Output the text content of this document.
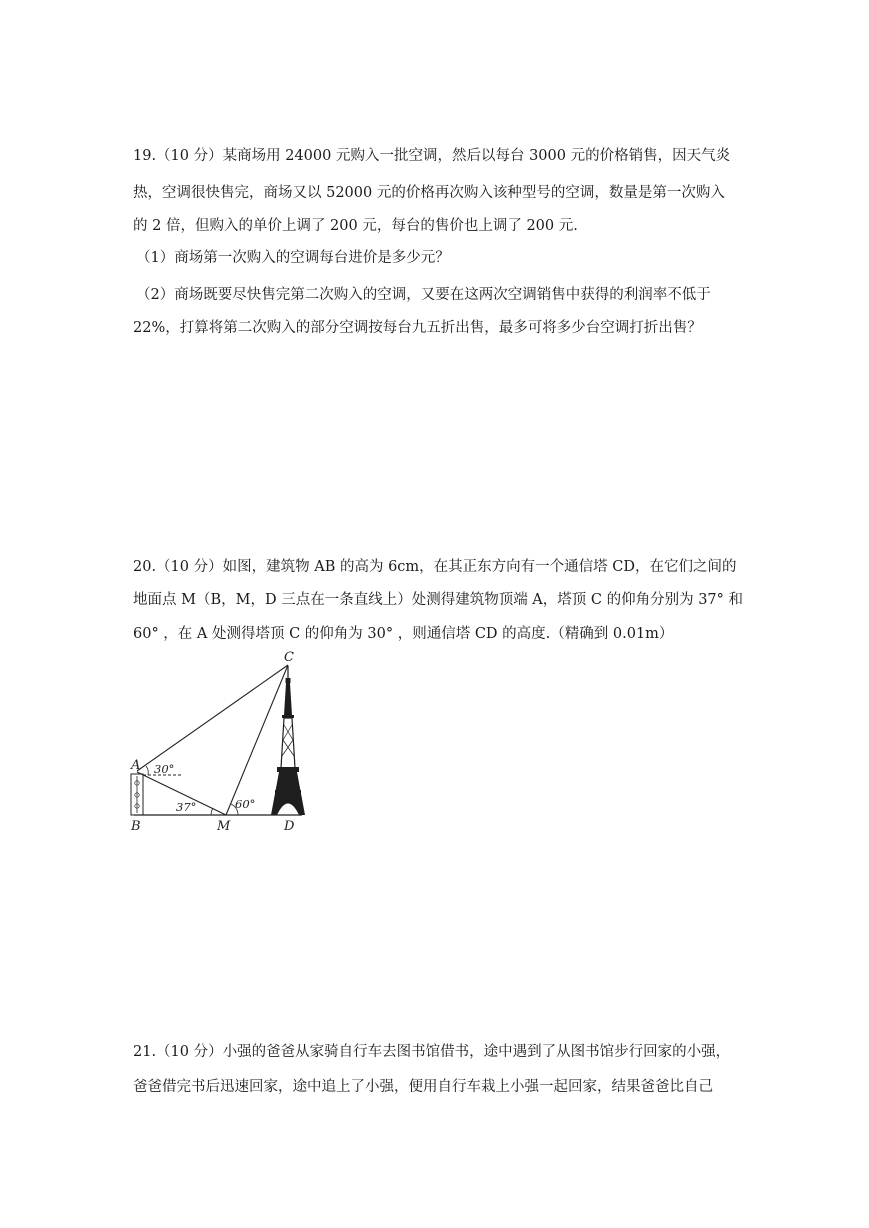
19.（10 分）某商场用 24000 元购入一批空调，然后以每台 3000 元的价格销售，因天气炎
热，空调很快售完，商场又以 52000 元的价格再次购入该种型号的空调，数量是第一次购入
的 2 倍，但购入的单价上调了 200 元，每台的售价也上调了 200 元.
（1）商场第一次购入的空调每台进价是多少元？
（2）商场既要尽快售完第二次购入的空调，又要在这两次空调销售中获得的利润率不低于
22%，打算将第二次购入的部分空调按每台九五折出售，最多可将多少台空调打折出售？
20.（10 分）如图，建筑物 AB 的高为 6cm，在其正东方向有一个通信塔 CD，在它们之间的
地面点 M（B，M，D 三点在一条直线上）处测得建筑物顶端 A，塔顶 C 的仰角分别为 37° 和
60° ，在 A 处测得塔顶 C 的仰角为 30° ，则通信塔 CD 的高度.（精确到 0.01m）
A
B
C
D
M
30°
37°	60°
21.（10 分）小强的爸爸从家骑自行车去图书馆借书，途中遇到了从图书馆步行回家的小强，
爸爸借完书后迅速回家，途中追上了小强，便用自行车栽上小强一起回家，结果爸爸比自己
